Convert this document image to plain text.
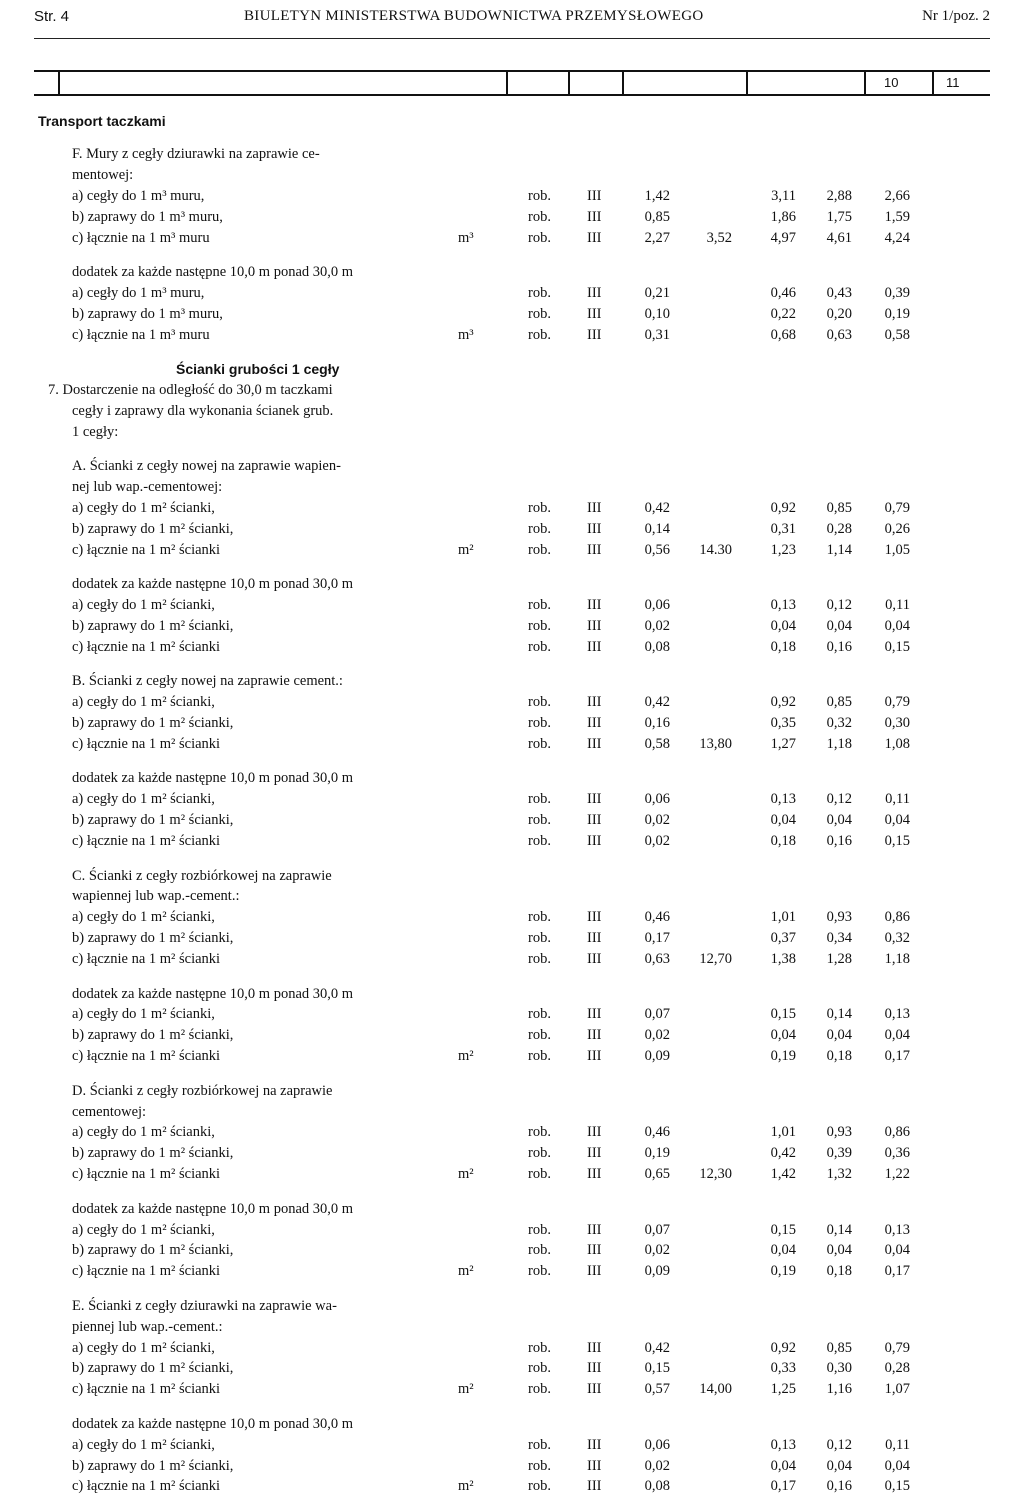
Str. 4	BIULETYN MINISTERSTWA BUDOWNICTWA PRZEMYSŁOWEGO	Nr 1/poz. 2
10	11
Transport taczkami
F. Mury z cegły dziurawki na zaprawie ce-
mentowej:
a) cegły do 1 m³ muru,	rob. III	1,42	3,11 2,88 2,66
b) zaprawy do 1 m³ muru,	rob. III	0,85	1,86 1,75 1,59
c) łącznie na 1 m³ muru	m³	rob. III	2,27	3,52	4,97 4,61 4,24
dodatek za każde następne 10,0 m ponad 30,0 m
a) cegły do 1 m³ muru,	rob. III	0,21	0,46 0,43 0,39
b) zaprawy do 1 m³ muru,	rob. III	0,10	0,22 0,20 0,19
c) łącznie na 1 m³ muru	m³	rob. III	0,31	0,68 0,63 0,58
Ścianki grubości 1 cegły
7. Dostarczenie na odległość do 30,0 m taczkami
cegły i zaprawy dla wykonania ścianek grub.
1 cegły:
A. Ścianki z cegły nowej na zaprawie wapien-
nej lub wap.-cementowej:
a) cegły do 1 m² ścianki,	rob. III	0,42	0,92 0,85 0,79
b) zaprawy do 1 m² ścianki,	rob. III	0,14	0,31 0,28 0,26
c) łącznie na 1 m² ścianki	m²	rob. III	0,56 14.30	1,23 1,14 1,05
dodatek za każde następne 10,0 m ponad 30,0 m
a) cegły do 1 m² ścianki,	rob. III	0,06	0,13 0,12 0,11
b) zaprawy do 1 m² ścianki,	rob. III	0,02	0,04 0,04 0,04
c) łącznie na 1 m² ścianki	rob. III	0,08	0,18 0,16 0,15
B. Ścianki z cegły nowej na zaprawie cement.:
a) cegły do 1 m² ścianki,	rob. III	0,42	0,92 0,85 0,79
b) zaprawy do 1 m² ścianki,	rob. III	0,16	0,35 0,32 0,30
c) łącznie na 1 m² ścianki	rob. III	0,58 13,80	1,27 1,18 1,08
dodatek za każde następne 10,0 m ponad 30,0 m
a) cegły do 1 m² ścianki,	rob. III	0,06	0,13 0,12 0,11
b) zaprawy do 1 m² ścianki,	rob. III	0,02	0,04 0,04 0,04
c) łącznie na 1 m² ścianki	rob. III	0,02	0,18 0,16 0,15
C. Ścianki z cegły rozbiórkowej na zaprawie
wapiennej lub wap.-cement.:
a) cegły do 1 m² ścianki,	rob. III	0,46	1,01 0,93 0,86
b) zaprawy do 1 m² ścianki,	rob. III	0,17	0,37 0,34 0,32
c) łącznie na 1 m² ścianki	rob. III	0,63 12,70	1,38 1,28 1,18
dodatek za każde następne 10,0 m ponad 30,0 m
a) cegły do 1 m² ścianki,	rob. III	0,07	0,15 0,14 0,13
b) zaprawy do 1 m² ścianki,	rob. III	0,02	0,04 0,04 0,04
c) łącznie na 1 m² ścianki	m²	rob. III	0,09	0,19 0,18 0,17
D. Ścianki z cegły rozbiórkowej na zaprawie
cementowej:
a) cegły do 1 m² ścianki,	rob. III	0,46	1,01 0,93 0,86
b) zaprawy do 1 m² ścianki,	rob. III	0,19	0,42 0,39 0,36
c) łącznie na 1 m² ścianki	m²	rob. III	0,65 12,30	1,42 1,32 1,22
dodatek za każde następne 10,0 m ponad 30,0 m
a) cegły do 1 m² ścianki,	rob. III	0,07	0,15 0,14 0,13
b) zaprawy do 1 m² ścianki,	rob. III	0,02	0,04 0,04 0,04
c) łącznie na 1 m² ścianki	m²	rob. III	0,09	0,19 0,18 0,17
E. Ścianki z cegły dziurawki na zaprawie wa-
piennej lub wap.-cement.:
a) cegły do 1 m² ścianki,	rob. III	0,42	0,92 0,85 0,79
b) zaprawy do 1 m² ścianki,	rob. III	0,15	0,33 0,30 0,28
c) łącznie na 1 m² ścianki	m²	rob. III	0,57 14,00	1,25 1,16 1,07
dodatek za każde następne 10,0 m ponad 30,0 m
a) cegły do 1 m² ścianki,	rob. III	0,06	0,13 0,12 0,11
b) zaprawy do 1 m² ścianki,	rob. III	0,02	0,04 0,04 0,04
c) łącznie na 1 m² ścianki	m²	rob. III	0,08	0,17 0,16 0,15
